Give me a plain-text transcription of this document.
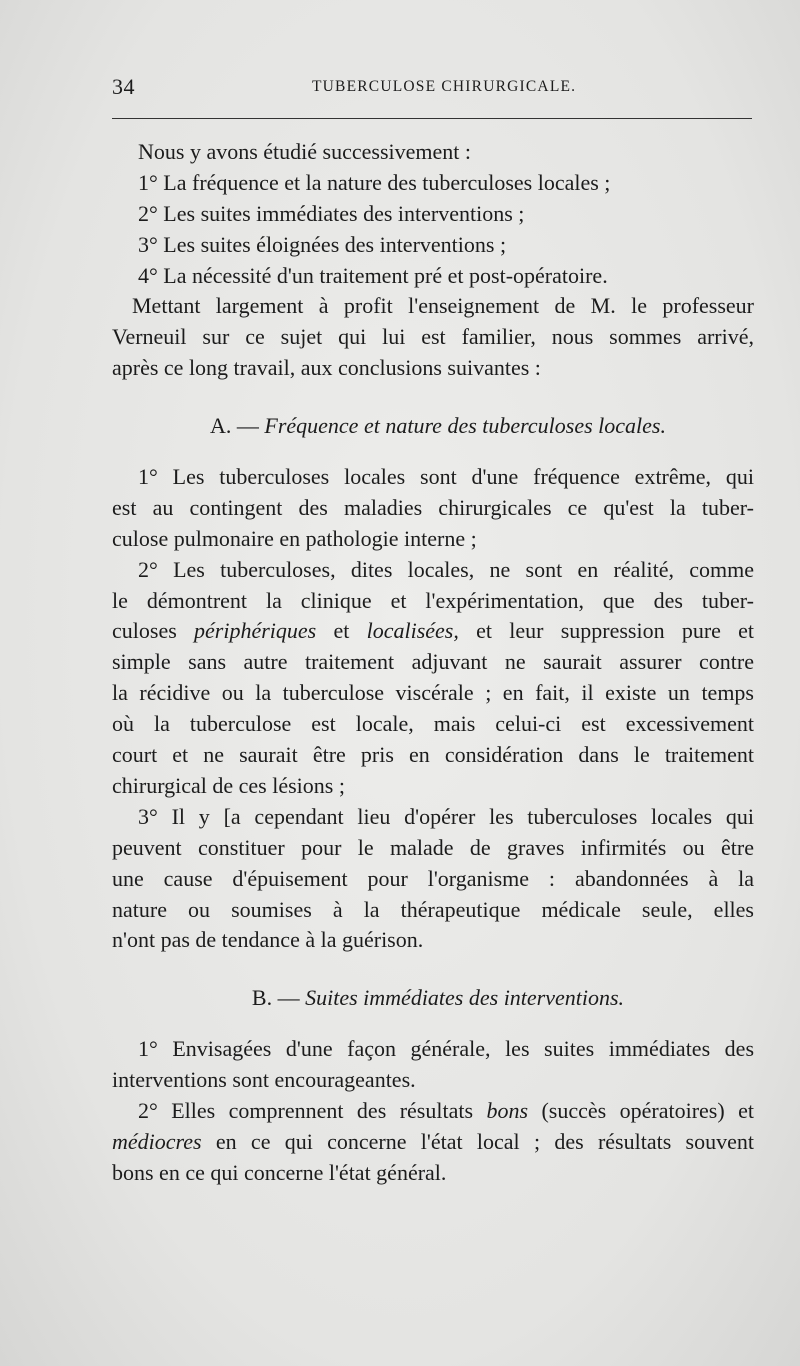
34	TUBERCULOSE CHIRURGICALE.
Nous y avons étudié successivement :
1° La fréquence et la nature des tuberculoses locales ;
2° Les suites immédiates des interventions ;
3° Les suites éloignées des interventions ;
4° La nécessité d'un traitement pré et post-opératoire.
Mettant largement à profit l'enseignement de M. le professeur
Verneuil sur ce sujet qui lui est familier, nous sommes arrivé,
après ce long travail, aux conclusions suivantes :
A. — Fréquence et nature des tuberculoses locales.
1° Les tuberculoses locales sont d'une fréquence extrême, qui
est au contingent des maladies chirurgicales ce qu'est la tuber-
culose pulmonaire en pathologie interne ;
2° Les tuberculoses, dites locales, ne sont en réalité, comme
le démontrent la clinique et l'expérimentation, que des tuber-
culoses périphériques et localisées, et leur suppression pure et
simple sans autre traitement adjuvant ne saurait assurer contre
la récidive ou la tuberculose viscérale ; en fait, il existe un temps
où la tuberculose est locale, mais celui-ci est excessivement
court et ne saurait être pris en considération dans le traitement
chirurgical de ces lésions ;
3° Il y [a cependant lieu d'opérer les tuberculoses locales qui
peuvent constituer pour le malade de graves infirmités ou être
une cause d'épuisement pour l'organisme : abandonnées à la
nature ou soumises à la thérapeutique médicale seule, elles
n'ont pas de tendance à la guérison.
B. — Suites immédiates des interventions.
1° Envisagées d'une façon générale, les suites immédiates des
interventions sont encourageantes.
2° Elles comprennent des résultats bons (succès opératoires) et
médiocres en ce qui concerne l'état local ; des résultats souvent
bons en ce qui concerne l'état général.
